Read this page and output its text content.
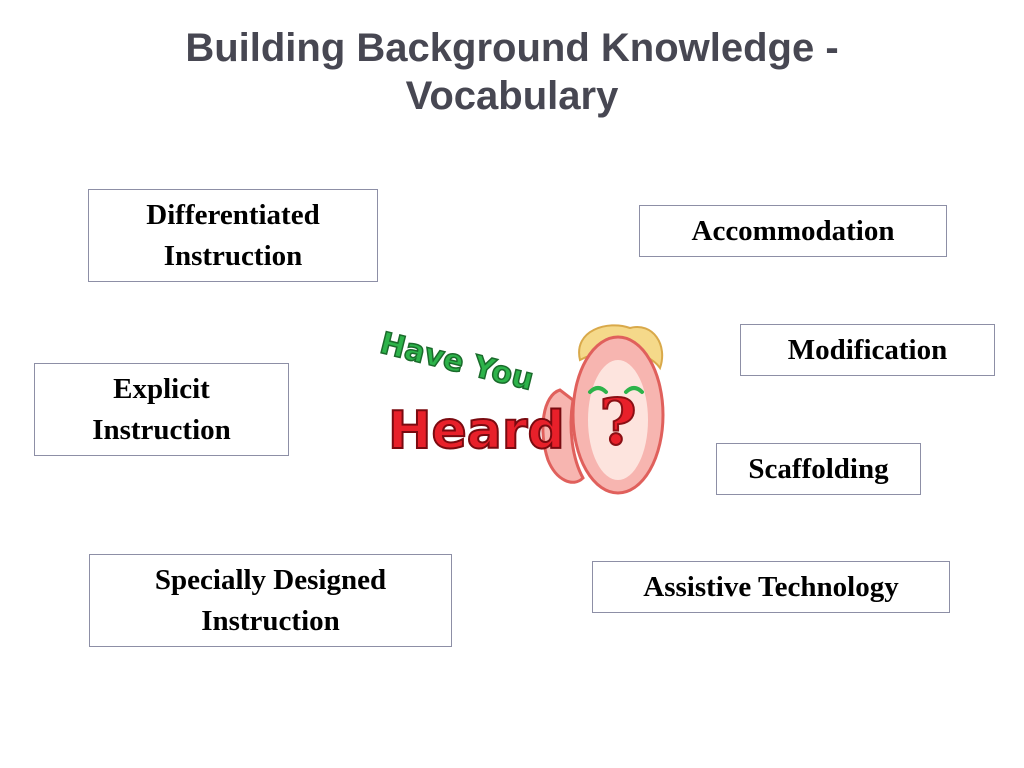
Building Background Knowledge -
Vocabulary
Differentiated
Instruction
Accommodation
Modification
Explicit
Instruction
Scaffolding
Specially Designed
Instruction
Assistive Technology
?
Have You
Heard
